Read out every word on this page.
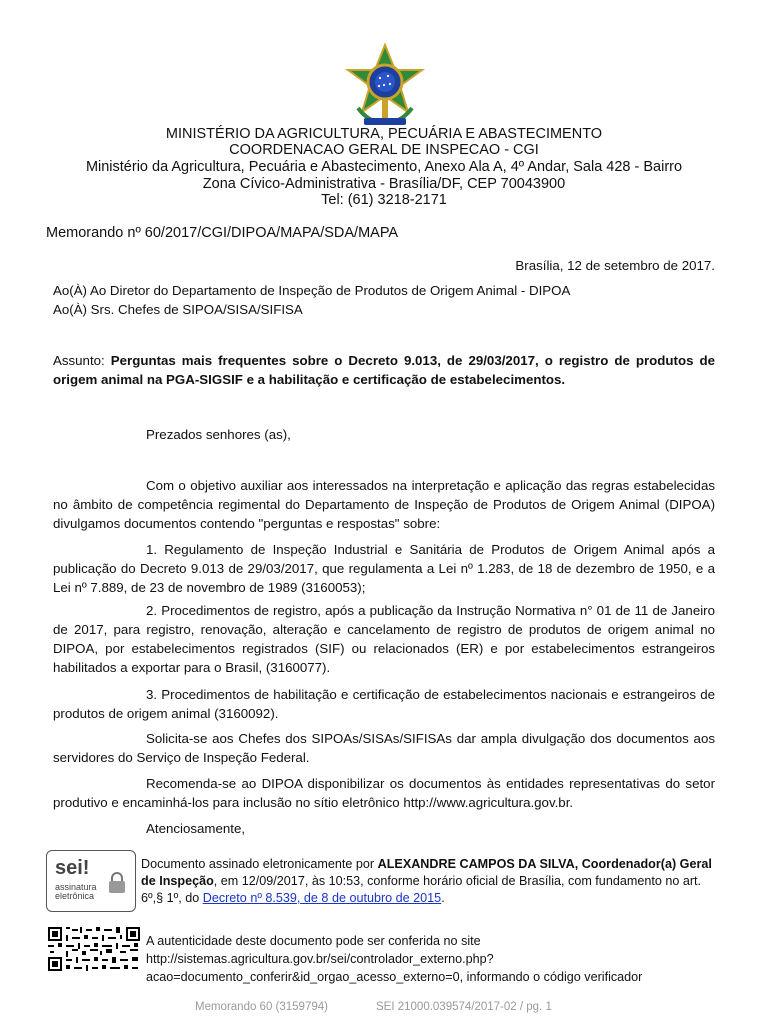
MINISTÉRIO DA AGRICULTURA, PECUÁRIA E ABASTECIMENTO
COORDENACAO GERAL DE INSPECAO - CGI
Ministério da Agricultura, Pecuária e Abastecimento, Anexo Ala A, 4º Andar, Sala 428 - Bairro
Zona Cívico-Administrativa - Brasília/DF, CEP 70043900
Tel: (61) 3218-2171
Memorando nº 60/2017/CGI/DIPOA/MAPA/SDA/MAPA
Brasília, 12 de setembro de 2017.
Ao(À) Ao Diretor do Departamento de Inspeção de Produtos de Origem Animal - DIPOA
Ao(À) Srs. Chefes de SIPOA/SISA/SIFISA
Assunto: Perguntas mais frequentes sobre o Decreto 9.013, de 29/03/2017, o registro de produtos de origem animal na PGA-SIGSIF e a habilitação e certificação de estabelecimentos.
Prezados senhores (as),
Com o objetivo auxiliar aos interessados na interpretação e aplicação das regras estabelecidas no âmbito de competência regimental do Departamento de Inspeção de Produtos de Origem Animal (DIPOA) divulgamos documentos contendo "perguntas e respostas" sobre:
1. Regulamento de Inspeção Industrial e Sanitária de Produtos de Origem Animal após a publicação do Decreto 9.013 de 29/03/2017, que regulamenta a Lei nº 1.283, de 18 de dezembro de 1950, e a Lei nº 7.889, de 23 de novembro de 1989 (3160053);
2. Procedimentos de registro, após a publicação da Instrução Normativa n° 01 de 11 de Janeiro de 2017, para registro, renovação, alteração e cancelamento de registro de produtos de origem animal no DIPOA, por estabelecimentos registrados (SIF) ou relacionados (ER) e por estabelecimentos estrangeiros habilitados a exportar para o Brasil, (3160077).
3. Procedimentos de habilitação e certificação de estabelecimentos nacionais e estrangeiros de produtos de origem animal (3160092).
Solicita-se aos Chefes dos SIPOAs/SISAs/SIFISAs dar ampla divulgação dos documentos aos servidores do Serviço de Inspeção Federal.
Recomenda-se ao DIPOA disponibilizar os documentos às entidades representativas do setor produtivo e encaminhá-los para inclusão no sítio eletrônico http://www.agricultura.gov.br.
Atenciosamente,
sei!
assinatura
eletrônica
Documento assinado eletronicamente por ALEXANDRE CAMPOS DA SILVA, Coordenador(a) Geral de Inspeção, em 12/09/2017, às 10:53, conforme horário oficial de Brasília, com fundamento no art. 6º,§ 1º, do Decreto nº 8.539, de 8 de outubro de 2015.
A autenticidade deste documento pode ser conferida no site
http://sistemas.agricultura.gov.br/sei/controlador_externo.php?
acao=documento_conferir&id_orgao_acesso_externo=0, informando o código verificador
Memorando 60 (3159794)	SEI 21000.039574/2017-02 / pg. 1
